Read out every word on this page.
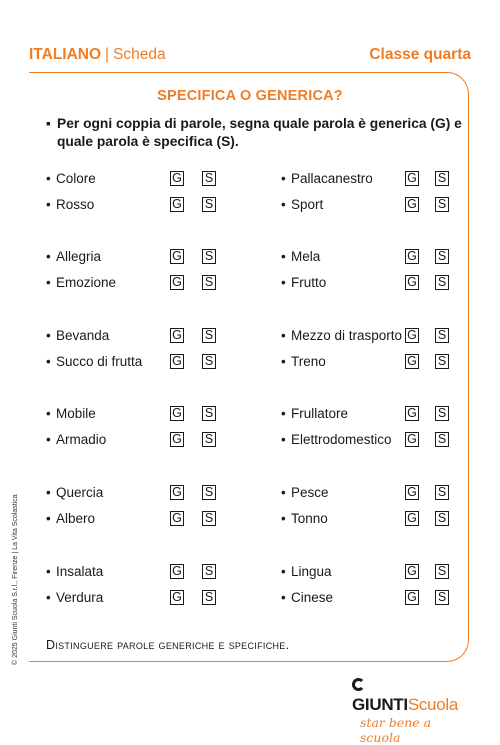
ITALIANO | Scheda	Classe quarta
SPECIFICA O GENERICA?
▪ Per ogni coppia di parole, segna quale parola è generica (G) e quale parola è specifica (S).
• Colore	G S
• Rosso	G S
• Allegria	G S
• Emozione	G S
• Bevanda	G S
• Succo di frutta G S
• Mobile	G S
• Armadio	G S
• Quercia	G S
• Albero	G S
• Insalata	G S
• Verdura	G S
• Pallacanestro	G S
• Sport	G S
• Mela	G S
• Frutto	G S
• Mezzo di trasporto G S
• Treno	G S
• Frullatore	G S
• Elettrodomestico G S
• Pesce	G S
• Tonno	G S
• Lingua	G S
• Cinese	G S
Distinguere parole generiche e specifiche.
© 2025 Giunti Scuola S.r.l., Firenze | La Vita Scolastica
GIUNTIScuola
star bene a scuola
